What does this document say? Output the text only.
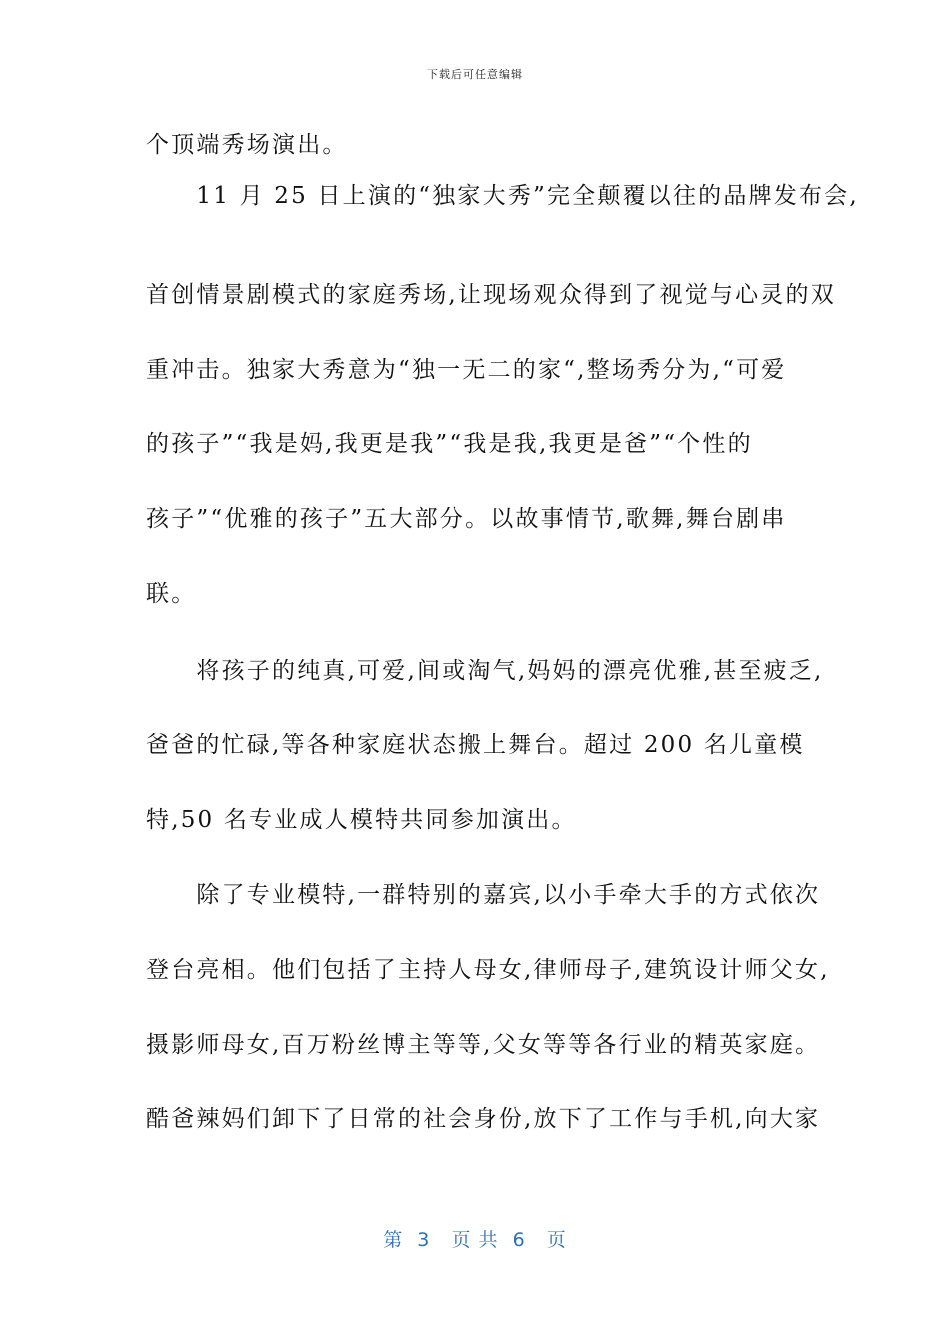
下载后可任意编辑
个顶端秀场演出。
　　11 月 25 日上演的“独家大秀”完全颠覆以往的品牌发布会,
首创情景剧模式的家庭秀场,让现场观众得到了视觉与心灵的双
重冲击。独家大秀意为“独一无二的家“,整场秀分为,“可爱
的孩子”“我是妈,我更是我”“我是我,我更是爸”“个性的
孩子”“优雅的孩子”五大部分。以故事情节,歌舞,舞台剧串
联。
　　将孩子的纯真,可爱,间或淘气,妈妈的漂亮优雅,甚至疲乏,
爸爸的忙碌,等各种家庭状态搬上舞台。超过 200 名儿童模
特,50 名专业成人模特共同参加演出。
　　除了专业模特,一群特别的嘉宾,以小手牵大手的方式依次
登台亮相。他们包括了主持人母女,律师母子,建筑设计师父女,
摄影师母女,百万粉丝博主等等,父女等等各行业的精英家庭。
酷爸辣妈们卸下了日常的社会身份,放下了工作与手机,向大家
第  3   页 共  6   页
